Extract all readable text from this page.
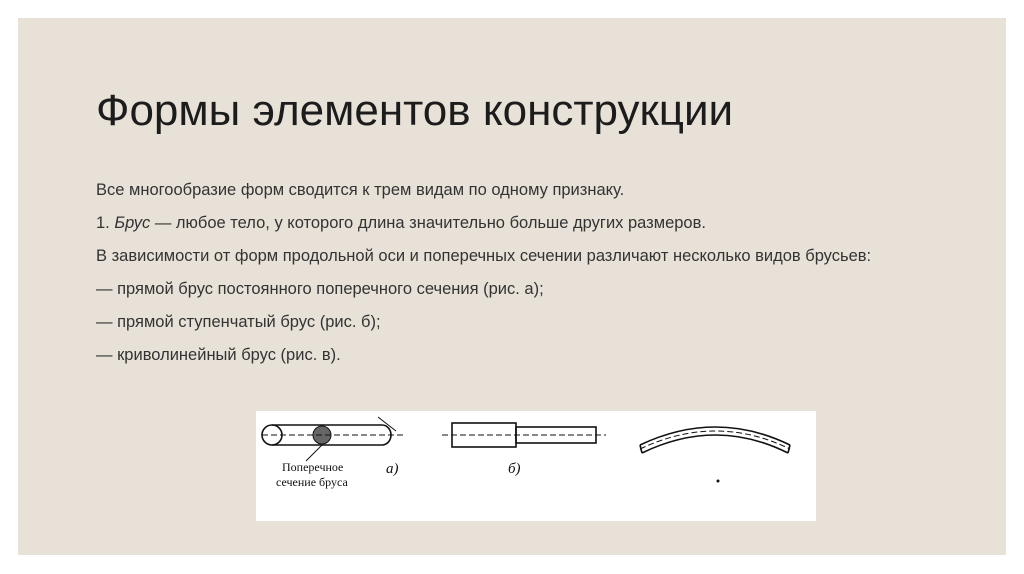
Формы элементов конструкции

Все многообразие форм сводится к трем видам по одному признаку.

1. Брус — любое тело, у которого длина значительно больше других размеров.

В зависимости от форм продольной оси и поперечных сечении различают несколько видов брусьев:

— прямой брус постоянного поперечного сечения (рис. а);

— прямой ступенчатый брус (рис. б);

— криволинейный брус (рис. в).

Поперечное
сечение бруса
а)	б)
